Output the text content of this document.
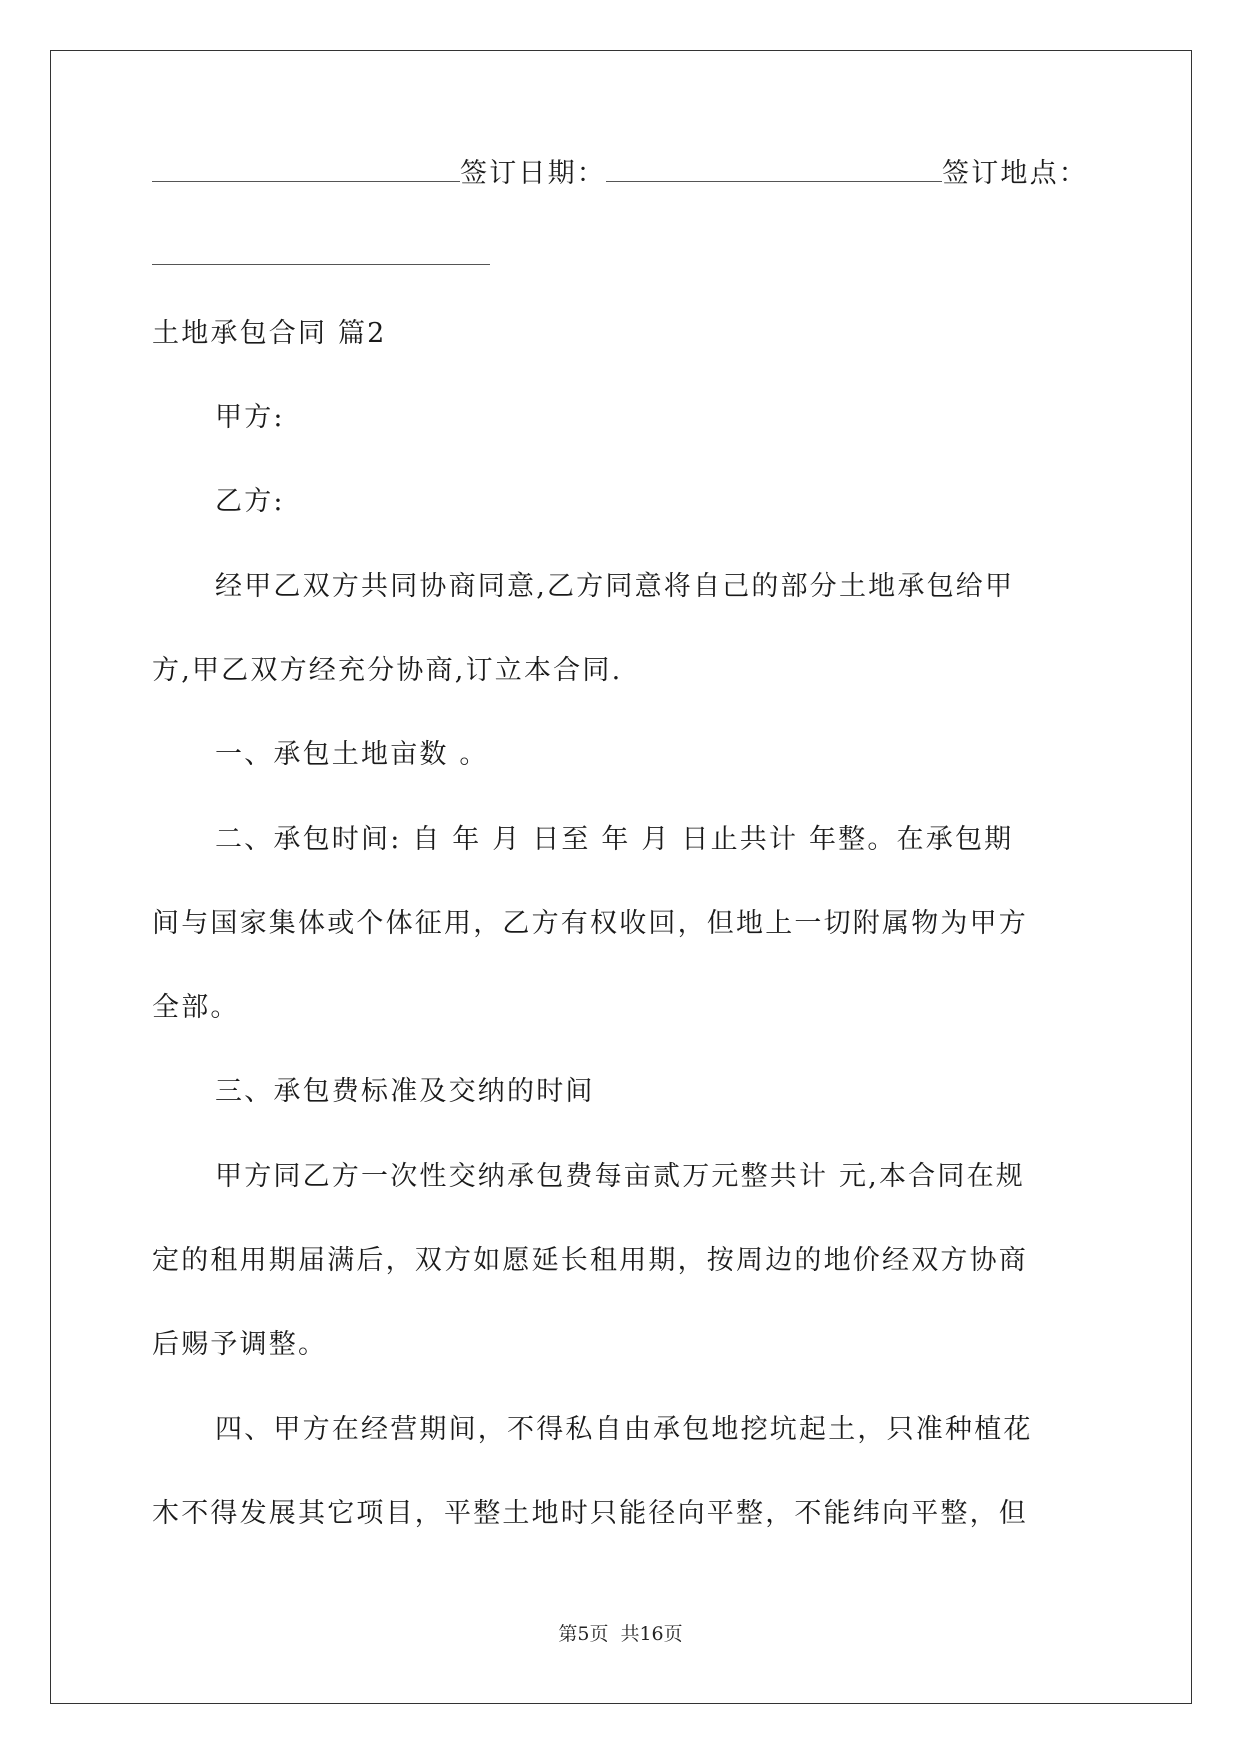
签订日期：	签订地点：
土地承包合同 篇2
甲方:
乙方:
经甲乙双方共同协商同意,乙方同意将自己的部分土地承包给甲
方,甲乙双方经充分协商,订立本合同.
一、承包土地亩数 。
二、承包时间: 自 年 月 日至 年 月 日止共计 年整。在承包期
间与国家集体或个体征用，乙方有权收回，但地上一切附属物为甲方
全部。
三、承包费标准及交纳的时间
甲方同乙方一次性交纳承包费每亩贰万元整共计 元,本合同在规
定的租用期届满后，双方如愿延长租用期，按周边的地价经双方协商
后赐予调整。
四、甲方在经营期间，不得私自由承包地挖坑起土，只准种植花
木不得发展其它项目，平整土地时只能径向平整，不能纬向平整，但
第5页 共16页
